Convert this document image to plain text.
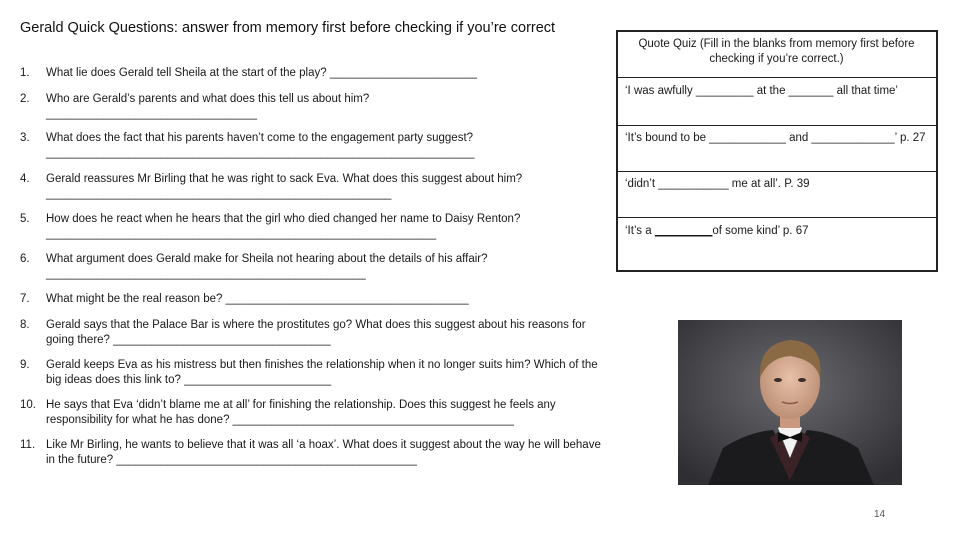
Gerald Quick Questions: answer from memory first before checking if you’re correct
1.	What lie does Gerald tell Sheila at the start of the play? _______________________
2.	Who are Gerald’s parents and what does this tell us about him? _________________________________
3.	What does the fact that his parents haven’t come to the engagement party suggest? ___________________________________________________________________
4.	Gerald reassures Mr Birling that he was right to sack Eva. What does this suggest about him? ______________________________________________________
5.	How does he react when he hears that the girl who died changed her name to Daisy Renton? _____________________________________________________________
6.	What argument does Gerald make for Sheila not hearing about the details of his affair? __________________________________________________
7.	What might be the real reason be? ______________________________________
8.	Gerald says that the Palace Bar is where the prostitutes go? What does this suggest about his reasons for going there? __________________________________
9.	Gerald keeps Eva as his mistress but then finishes the relationship when it no longer suits him? Which of the big ideas does this link to? _______________________
10. He says that Eva ‘didn’t blame me at all’ for finishing the relationship. Does this suggest he feels any responsibility for what he has done? ____________________________________________
11. Like Mr Birling, he wants to believe that it was all ‘a hoax’. What does it suggest about the way he will behave in the future? _______________________________________________
Quote Quiz (Fill in the blanks from memory first before checking if you’re correct.)
‘I was awfully _________ at the _______ all that time’
‘It’s bound to be ____________ and _____________’ p. 27
‘didn’t ___________ me at all’. P. 39
‘It’s a _________of some kind’ p. 67
14
